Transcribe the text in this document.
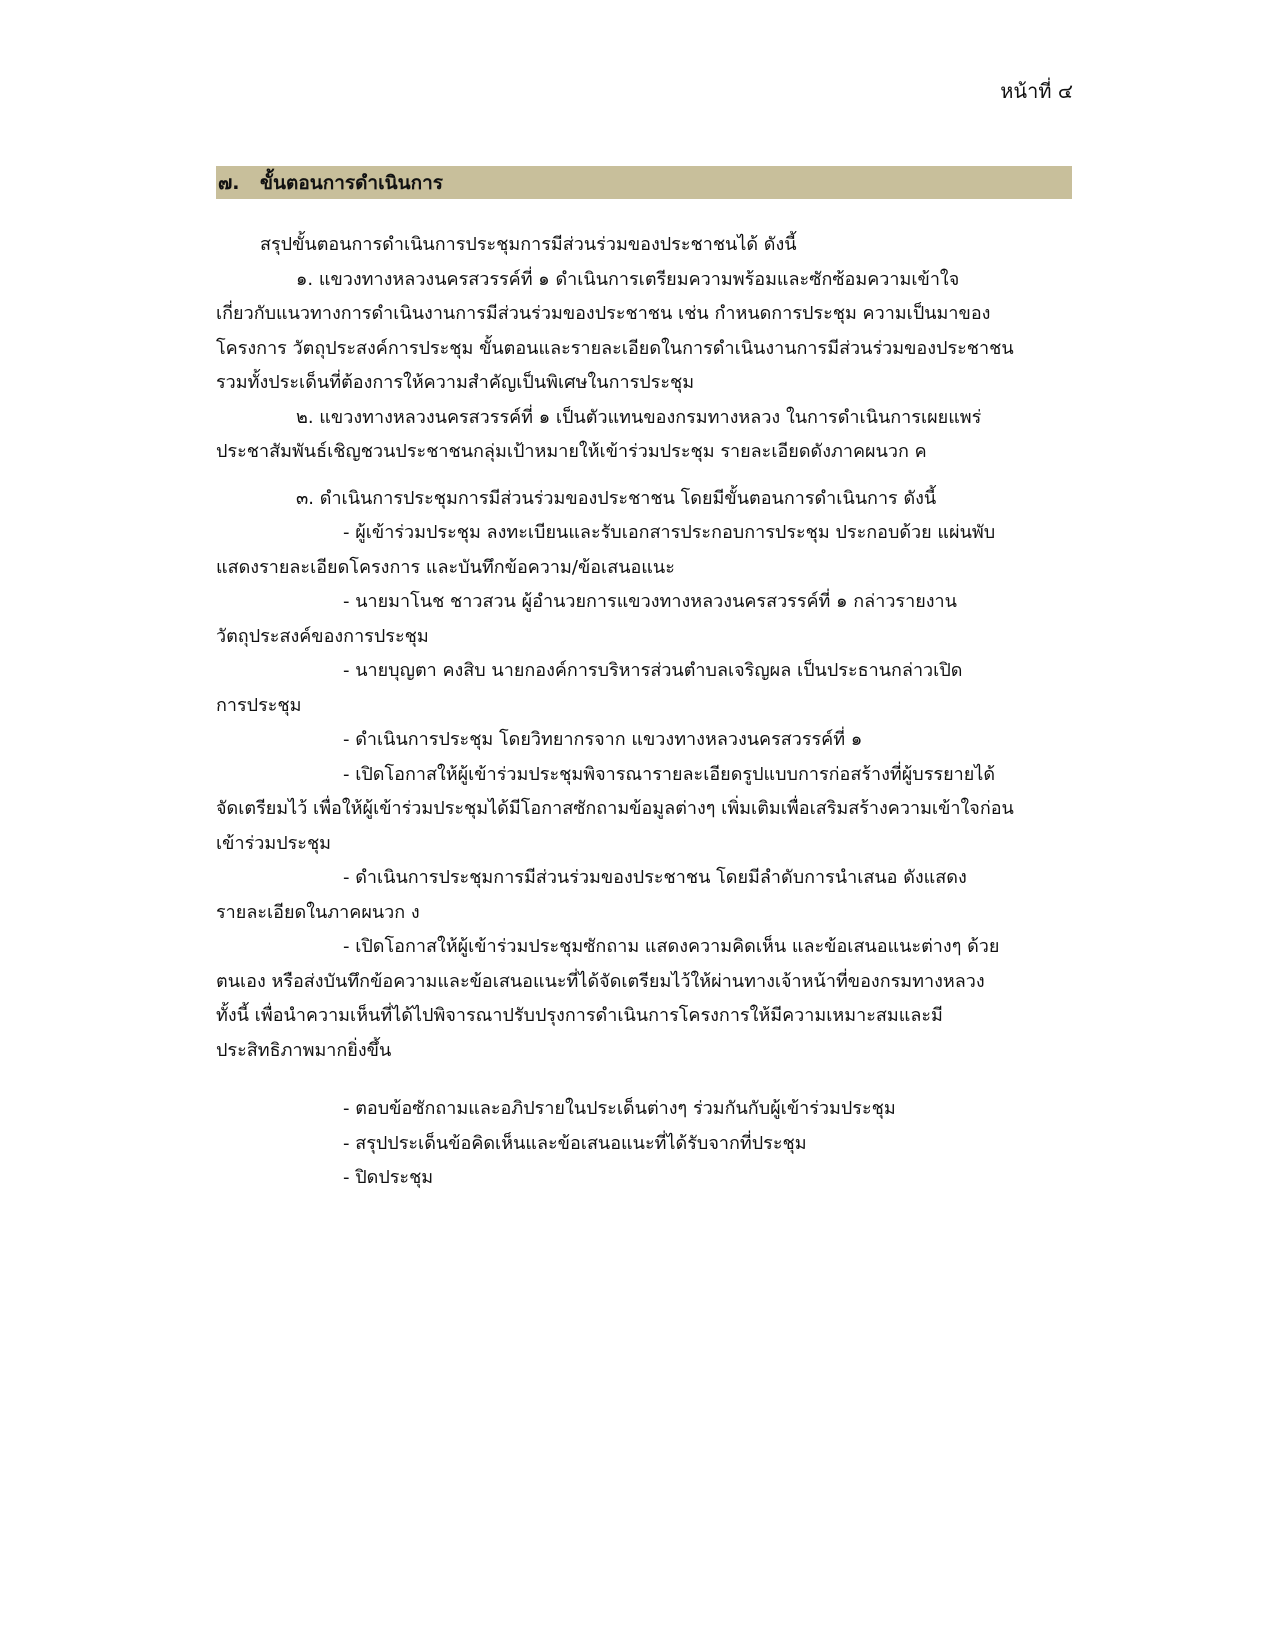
หน้าที่ ๔
๗.	ขั้นตอนการดำเนินการ
สรุปขั้นตอนการดำเนินการประชุมการมีส่วนร่วมของประชาชนได้ ดังนี้
๑. แขวงทางหลวงนครสวรรค์ที่ ๑ ดำเนินการเตรียมความพร้อมและซักซ้อมความเข้าใจ
เกี่ยวกับแนวทางการดำเนินงานการมีส่วนร่วมของประชาชน เช่น กำหนดการประชุม ความเป็นมาของ
โครงการ วัตถุประสงค์การประชุม ขั้นตอนและรายละเอียดในการดำเนินงานการมีส่วนร่วมของประชาชน
รวมทั้งประเด็นที่ต้องการให้ความสำคัญเป็นพิเศษในการประชุม
๒. แขวงทางหลวงนครสวรรค์ที่ ๑ เป็นตัวแทนของกรมทางหลวง ในการดำเนินการเผยแพร่
ประชาสัมพันธ์เชิญชวนประชาชนกลุ่มเป้าหมายให้เข้าร่วมประชุม รายละเอียดดังภาคผนวก ค
๓. ดำเนินการประชุมการมีส่วนร่วมของประชาชน โดยมีขั้นตอนการดำเนินการ ดังนี้
- ผู้เข้าร่วมประชุม ลงทะเบียนและรับเอกสารประกอบการประชุม ประกอบด้วย แผ่นพับ
แสดงรายละเอียดโครงการ และบันทึกข้อความ/ข้อเสนอแนะ
- นายมาโนช ชาวสวน ผู้อำนวยการแขวงทางหลวงนครสวรรค์ที่ ๑ กล่าวรายงาน
วัตถุประสงค์ของการประชุม
- นายบุญตา คงสิบ นายกองค์การบริหารส่วนตำบลเจริญผล เป็นประธานกล่าวเปิด
การประชุม
- ดำเนินการประชุม โดยวิทยากรจาก แขวงทางหลวงนครสวรรค์ที่ ๑
- เปิดโอกาสให้ผู้เข้าร่วมประชุมพิจารณารายละเอียดรูปแบบการก่อสร้างที่ผู้บรรยายได้
จัดเตรียมไว้ เพื่อให้ผู้เข้าร่วมประชุมได้มีโอกาสซักถามข้อมูลต่างๆ เพิ่มเติมเพื่อเสริมสร้างความเข้าใจก่อน
เข้าร่วมประชุม
- ดำเนินการประชุมการมีส่วนร่วมของประชาชน โดยมีลำดับการนำเสนอ ดังแสดง
รายละเอียดในภาคผนวก ง
- เปิดโอกาสให้ผู้เข้าร่วมประชุมซักถาม แสดงความคิดเห็น และข้อเสนอแนะต่างๆ ด้วย
ตนเอง หรือส่งบันทึกข้อความและข้อเสนอแนะที่ได้จัดเตรียมไว้ให้ผ่านทางเจ้าหน้าที่ของกรมทางหลวง
ทั้งนี้ เพื่อนำความเห็นที่ได้ไปพิจารณาปรับปรุงการดำเนินการโครงการให้มีความเหมาะสมและมี
ประสิทธิภาพมากยิ่งขึ้น
- ตอบข้อซักถามและอภิปรายในประเด็นต่างๆ ร่วมกันกับผู้เข้าร่วมประชุม
- สรุปประเด็นข้อคิดเห็นและข้อเสนอแนะที่ได้รับจากที่ประชุม
- ปิดประชุม
